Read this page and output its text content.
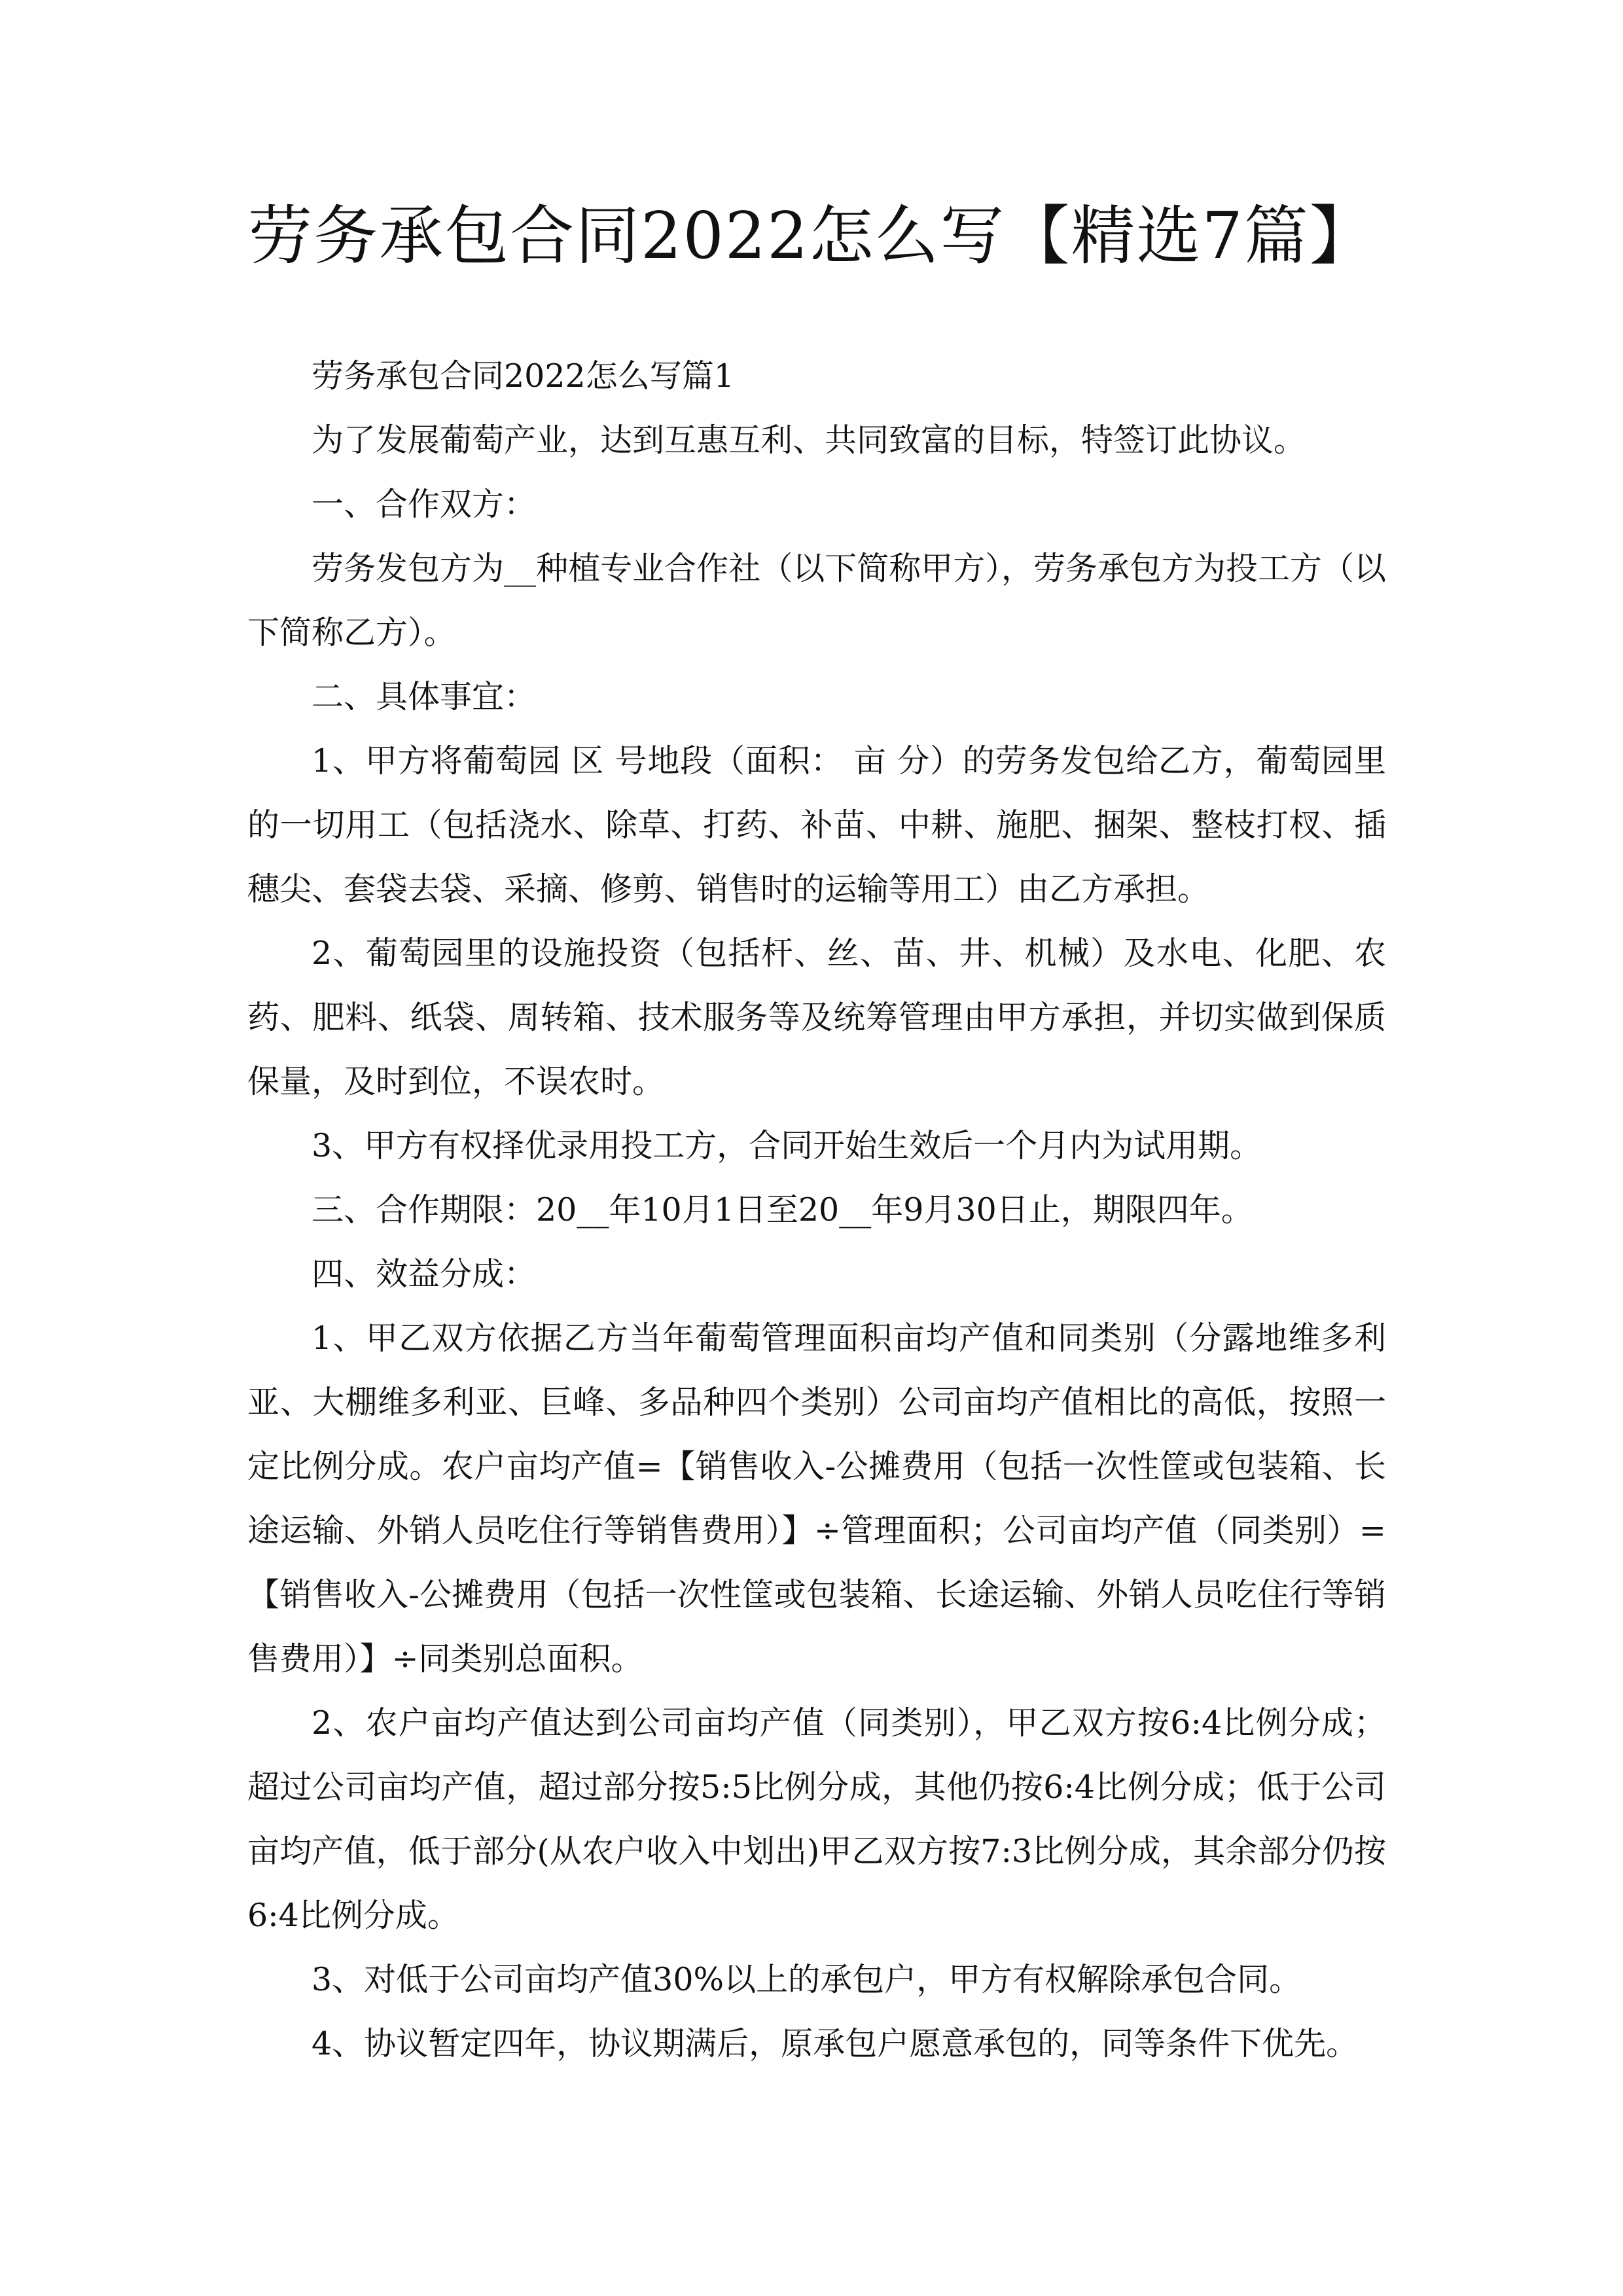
劳务承包合同2022怎么写【精选7篇】

劳务承包合同2022怎么写篇1

为了发展葡萄产业，达到互惠互利、共同致富的目标，特签订此协议。

一、合作双方：

劳务发包方为__种植专业合作社（以下简称甲方），劳务承包方为投工方（以下简称乙方）。

二、具体事宜：

1、甲方将葡萄园 区 号地段（面积： 亩 分）的劳务发包给乙方，葡萄园里的一切用工（包括浇水、除草、打药、补苗、中耕、施肥、捆架、整枝打杈、插穗尖、套袋去袋、采摘、修剪、销售时的运输等用工）由乙方承担。

2、葡萄园里的设施投资（包括杆、丝、苗、井、机械）及水电、化肥、农药、肥料、纸袋、周转箱、技术服务等及统筹管理由甲方承担，并切实做到保质保量，及时到位，不误农时。

3、甲方有权择优录用投工方，合同开始生效后一个月内为试用期。

三、合作期限：20__年10月1日至20__年9月30日止，期限四年。

四、效益分成：

1、甲乙双方依据乙方当年葡萄管理面积亩均产值和同类别（分露地维多利亚、大棚维多利亚、巨峰、多品种四个类别）公司亩均产值相比的高低，按照一定比例分成。农户亩均产值=【销售收入-公摊费用（包括一次性筐或包装箱、长途运输、外销人员吃住行等销售费用）】÷管理面积；公司亩均产值（同类别）=【销售收入-公摊费用（包括一次性筐或包装箱、长途运输、外销人员吃住行等销售费用）】÷同类别总面积。

2、农户亩均产值达到公司亩均产值（同类别），甲乙双方按6:4比例分成；超过公司亩均产值，超过部分按5:5比例分成，其他仍按6:4比例分成；低于公司亩均产值，低于部分(从农户收入中划出)甲乙双方按7:3比例分成，其余部分仍按6:4比例分成。

3、对低于公司亩均产值30%以上的承包户，甲方有权解除承包合同。

4、协议暂定四年，协议期满后，原承包户愿意承包的，同等条件下优先。
